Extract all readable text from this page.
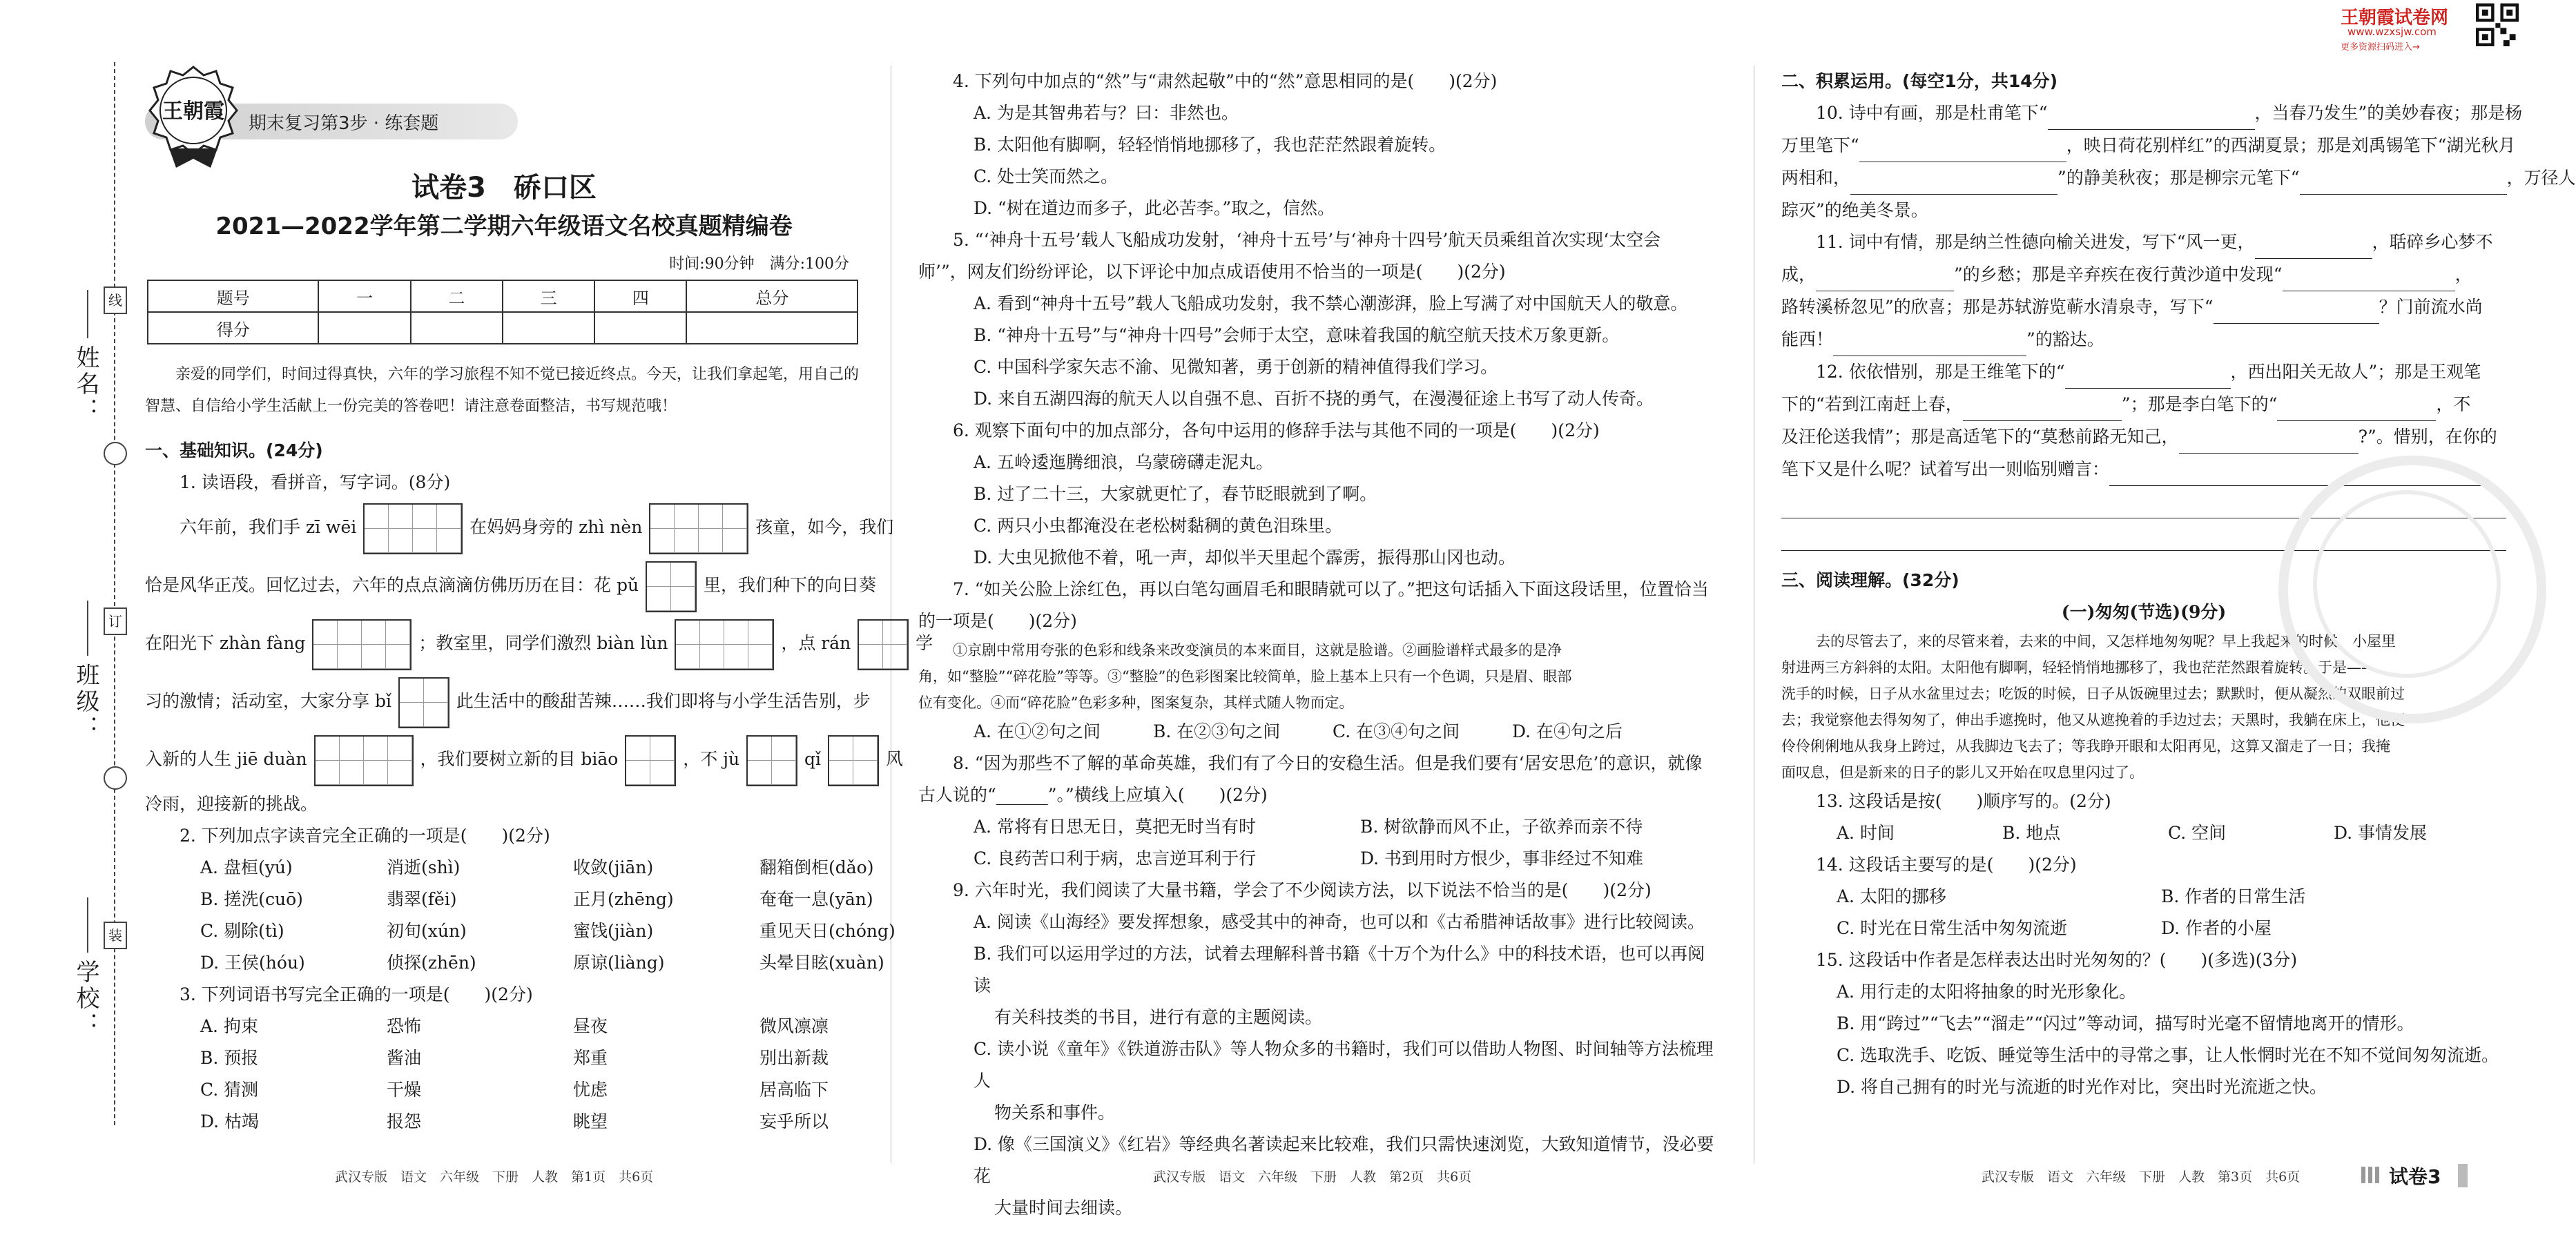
姓名：
班级：
学校：
线
订
装
期末复习第3步 · 练套题
王朝霞
试卷3　硚口区
2021—2022学年第二学期六年级语文名校真题精编卷
时间:90分钟　满分:100分
题号	一	二	三	四	总分
得分					
亲爱的同学们，时间过得真快，六年的学习旅程不知不觉已接近终点。今天，让我们拿起笔，用自己的智慧、自信给小学生活献上一份完美的答卷吧！请注意卷面整洁，书写规范哦！
一、基础知识。(24分)
1. 读语段，看拼音，写字词。(8分)
六年前，我们手 zī wēi	在妈妈身旁的 zhì nèn	孩童，如今，我们
恰是风华正茂。回忆过去，六年的点点滴滴仿佛历历在目：花 pǔ	里，我们种下的向日葵
在阳光下 zhàn fàng	；教室里，同学们激烈 biàn lùn	，点 rán	学
习的激情；活动室，大家分享 bǐ	此生活中的酸甜苦辣……我们即将与小学生活告别，步
入新的人生 jiē duàn	，我们要树立新的目 biāo	，不 jù	qǐ	风
冷雨，迎接新的挑战。
2. 下列加点字读音完全正确的一项是(　　)(2分)
A. 盘桓(yú)	消逝(shì)	收敛(jiān)	翻箱倒柜(dǎo)
B. 搓洗(cuō)	翡翠(fěi)	正月(zhēng)	奄奄一息(yān)
C. 剔除(tì)	初旬(xún)	蜜饯(jiàn)	重见天日(chóng)
D. 王侯(hóu)	侦探(zhēn)	原谅(liàng)	头晕目眩(xuàn)
3. 下列词语书写完全正确的一项是(　　)(2分)
A. 拘束	恐怖	昼夜	微风凛凛
B. 预报	酱油	郑重	别出新裁
C. 猜测	干燥	忧虑	居高临下
D. 枯竭	报怨	眺望	妄乎所以
武汉专版　语文　六年级　下册　人教　第1页　共6页
4. 下列句中加点的“然”与“肃然起敬”中的“然”意思相同的是(　　)(2分)
A. 为是其智弗若与？曰：非然也。
B. 太阳他有脚啊，轻轻悄悄地挪移了，我也茫茫然跟着旋转。
C. 处士笑而然之。
D. “树在道边而多子，此必苦李。”取之，信然。
5. “‘神舟十五号’载人飞船成功发射，‘神舟十五号’与‘神舟十四号’航天员乘组首次实现‘太空会
师’”，网友们纷纷评论，以下评论中加点成语使用不恰当的一项是(　　)(2分)
A. 看到“神舟十五号”载人飞船成功发射，我不禁心潮澎湃，脸上写满了对中国航天人的敬意。
B. “神舟十五号”与“神舟十四号”会师于太空，意味着我国的航空航天技术万象更新。
C. 中国科学家矢志不渝、见微知著，勇于创新的精神值得我们学习。
D. 来自五湖四海的航天人以自强不息、百折不挠的勇气，在漫漫征途上书写了动人传奇。
6. 观察下面句中的加点部分，各句中运用的修辞手法与其他不同的一项是(　　)(2分)
A. 五岭逶迤腾细浪，乌蒙磅礴走泥丸。
B. 过了二十三，大家就更忙了，春节眨眼就到了啊。
C. 两只小虫都淹没在老松树黏稠的黄色泪珠里。
D. 大虫见掀他不着，吼一声，却似半天里起个霹雳，振得那山冈也动。
7. “如关公脸上涂红色，再以白笔勾画眉毛和眼睛就可以了。”把这句话插入下面这段话里，位置恰当
的一项是(　　)(2分)
①京剧中常用夸张的色彩和线条来改变演员的本来面目，这就是脸谱。②画脸谱样式最多的是净
角，如“整脸”“碎花脸”等等。③“整脸”的色彩图案比较简单，脸上基本上只有一个色调，只是眉、眼部
位有变化。④而“碎花脸”色彩多种，图案复杂，其样式随人物而定。
A. 在①②句之间	B. 在②③句之间	C. 在③④句之间	D. 在④句之后
8. “因为那些不了解的革命英雄，我们有了今日的安稳生活。但是我们要有‘居安思危’的意识，就像
古人说的“______”。”横线上应填入(　　)(2分)
A. 常将有日思无日，莫把无时当有时	B. 树欲静而风不止，子欲养而亲不待
C. 良药苦口利于病，忠言逆耳利于行	D. 书到用时方恨少，事非经过不知难
9. 六年时光，我们阅读了大量书籍，学会了不少阅读方法，以下说法不恰当的是(　　)(2分)
A. 阅读《山海经》要发挥想象，感受其中的神奇，也可以和《古希腊神话故事》进行比较阅读。
B. 我们可以运用学过的方法，试着去理解科普书籍《十万个为什么》中的科技术语，也可以再阅读
有关科技类的书目，进行有意的主题阅读。
C. 读小说《童年》《铁道游击队》等人物众多的书籍时，我们可以借助人物图、时间轴等方法梳理人
物关系和事件。
D. 像《三国演义》《红岩》等经典名著读起来比较难，我们只需快速浏览，大致知道情节，没必要花
大量时间去细读。
武汉专版　语文　六年级　下册　人教　第2页　共6页
二、积累运用。(每空1分，共14分)
10. 诗中有画，那是杜甫笔下“	，当春乃发生”的美妙春夜；那是杨
万里笔下“	，映日荷花别样红”的西湖夏景；那是刘禹锡笔下“湖光秋月
两相和，	”的静美秋夜；那是柳宗元笔下“	，万径人
踪灭”的绝美冬景。
11. 词中有情，那是纳兰性德向榆关进发，写下“风一更，	，聒碎乡心梦不
成，	”的乡愁；那是辛弃疾在夜行黄沙道中发现“	，
路转溪桥忽见”的欣喜；那是苏轼游览蕲水清泉寺，写下“	？门前流水尚
能西！	”的豁达。
12. 依依惜别，那是王维笔下的“	，西出阳关无故人”；那是王观笔
下的“若到江南赶上春，	”；那是李白笔下的“	，不
及汪伦送我情”；那是高适笔下的“莫愁前路无知己，	?”。惜别，在你的
笔下又是什么呢？试着写出一则临别赠言：
三、阅读理解。(32分)
(一)匆匆(节选)(9分)
去的尽管去了，来的尽管来着，去来的中间，又怎样地匆匆呢？早上我起来的时候，小屋里
射进两三方斜斜的太阳。太阳他有脚啊，轻轻悄悄地挪移了，我也茫茫然跟着旋转。于是——
洗手的时候，日子从水盆里过去；吃饭的时候，日子从饭碗里过去；默默时，便从凝然的双眼前过
去；我觉察他去得匆匆了，伸出手遮挽时，他又从遮挽着的手边过去；天黑时，我躺在床上，他便
伶伶俐俐地从我身上跨过，从我脚边飞去了；等我睁开眼和太阳再见，这算又溜走了一日；我掩
面叹息，但是新来的日子的影儿又开始在叹息里闪过了。
13. 这段话是按(　　)顺序写的。(2分)
A. 时间	B. 地点	C. 空间	D. 事情发展
14. 这段话主要写的是(　　)(2分)
A. 太阳的挪移	B. 作者的日常生活
C. 时光在日常生活中匆匆流逝	D. 作者的小屋
15. 这段话中作者是怎样表达出时光匆匆的？(　　)(多选)(3分)
A. 用行走的太阳将抽象的时光形象化。
B. 用“跨过”“飞去”“溜走”“闪过”等动词，描写时光毫不留情地离开的情形。
C. 选取洗手、吃饭、睡觉等生活中的寻常之事，让人怅惘时光在不知不觉间匆匆流逝。
D. 将自己拥有的时光与流逝的时光作对比，突出时光流逝之快。
武汉专版　语文　六年级　下册　人教　第3页　共6页	试卷3
王朝霞试卷网
www.wzxsjw.com
更多资源扫码进入→
